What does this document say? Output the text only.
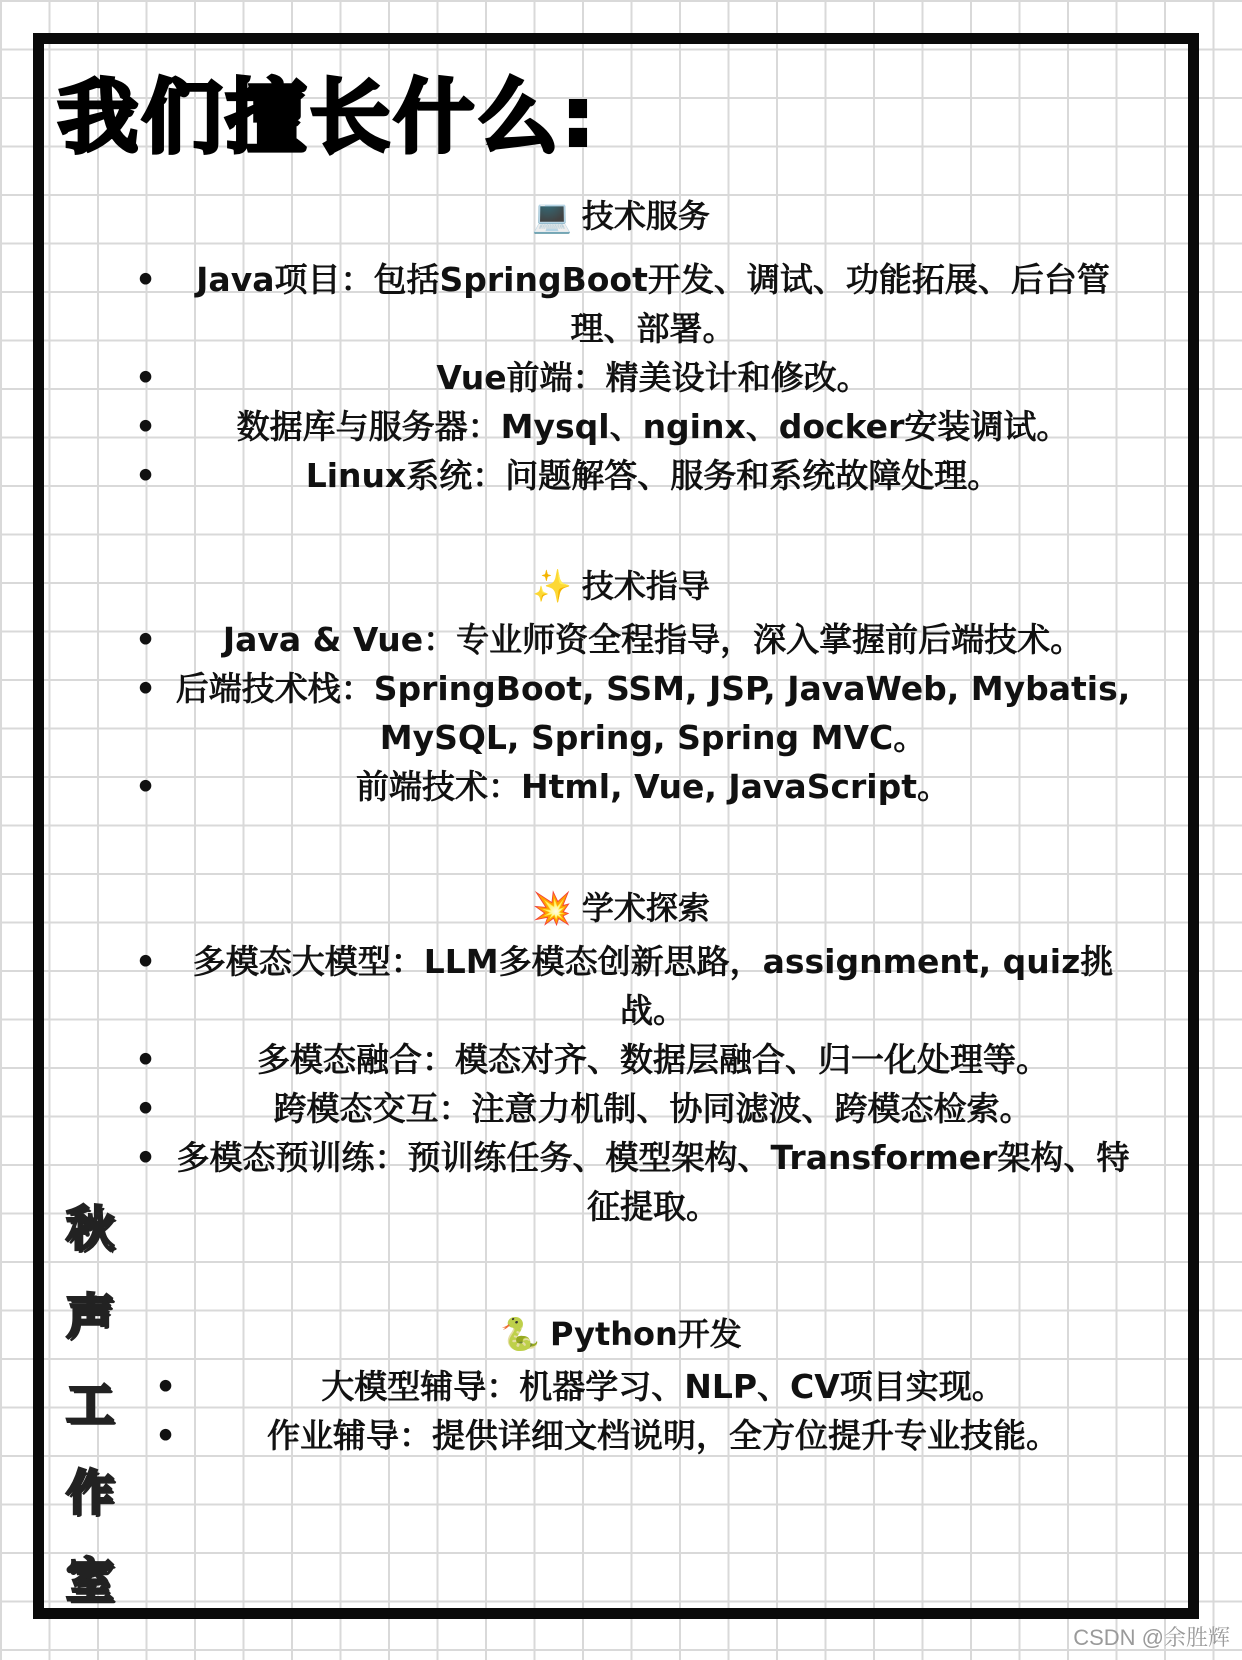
我们擅长什么:
💻 技术服务
• Java项目：包括SpringBoot开发、调试、功能拓展、后台管理、部署。
•	Vue前端：精美设计和修改。
• 数据库与服务器：Mysql、nginx、docker安装调试。
•	Linux系统：问题解答、服务和系统故障处理。
✨ 技术指导
• Java & Vue：专业师资全程指导，深入掌握前后端技术。
• 后端技术栈：SpringBoot, SSM, JSP, JavaWeb, Mybatis, MySQL, Spring, Spring MVC。
•	前端技术：Html, Vue, JavaScript。
💥 学术探索
• 多模态大模型：LLM多模态创新思路，assignment, quiz挑战。
•	多模态融合：模态对齐、数据层融合、归一化处理等。
•	跨模态交互：注意力机制、协同滤波、跨模态检索。
• 多模态预训练：预训练任务、模型架构、Transformer架构、特征提取。
🐍 Python开发
•	大模型辅导：机器学习、NLP、CV项目实现。
•	作业辅导：提供详细文档说明，全方位提升专业技能。
秋
声
工
作
室
CSDN @余胜辉
